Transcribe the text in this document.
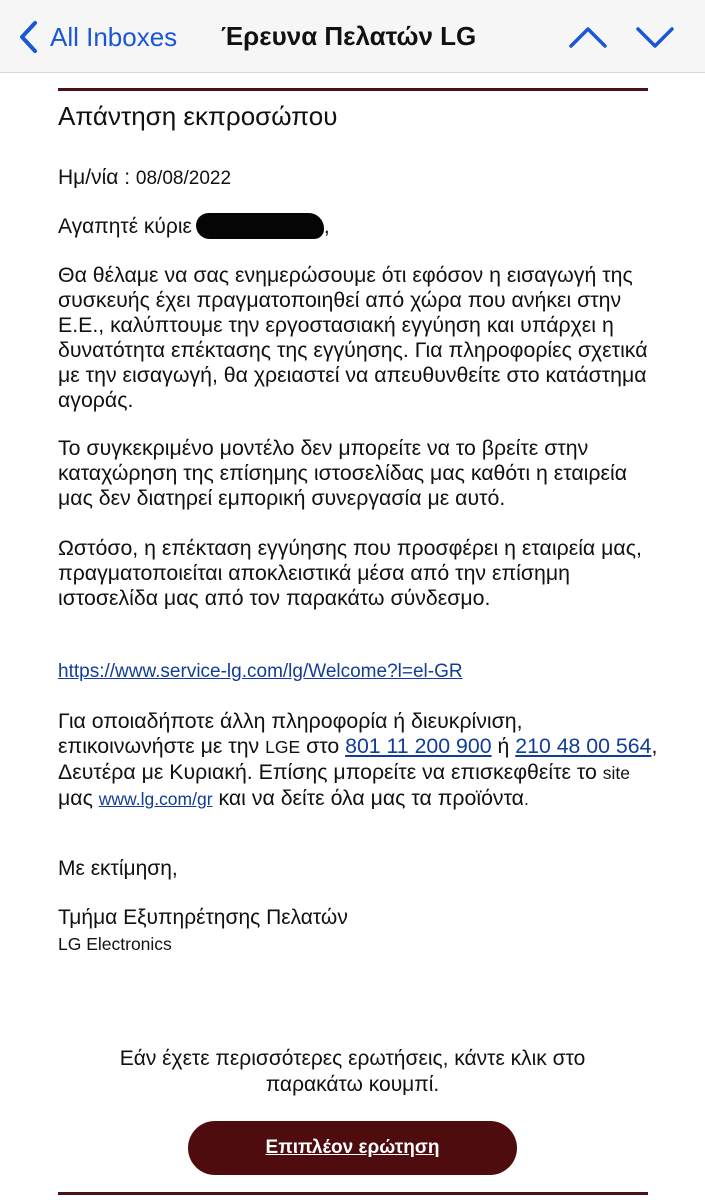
All Inboxes Έρευνα Πελατών LG
Απάντηση εκπροσώπου
Ημ/νία : 08/08/2022
Αγαπητέ κύριε	,
Θα θέλαμε να σας ενημερώσουμε ότι εφόσον η εισαγωγή της συσκευής έχει πραγματοποιηθεί από χώρα που ανήκει στην Ε.Ε., καλύπτουμε την εργοστασιακή εγγύηση και υπάρχει η δυνατότητα επέκτασης της εγγύησης. Για πληροφορίες σχετικά με την εισαγωγή, θα χρειαστεί να απευθυνθείτε στο κατάστημα αγοράς.
Το συγκεκριμένο μοντέλο δεν μπορείτε να το βρείτε στην καταχώρηση της επίσημης ιστοσελίδας μας καθότι η εταιρεία μας δεν διατηρεί εμπορική συνεργασία με αυτό.
Ωστόσο, η επέκταση εγγύησης που προσφέρει η εταιρεία μας, πραγματοποιείται αποκλειστικά μέσα από την επίσημη ιστοσελίδα μας από τον παρακάτω σύνδεσμο.
https://www.service-lg.com/lg/Welcome?l=el-GR
Για οποιαδήποτε άλλη πληροφορία ή διευκρίνιση, επικοινωνήστε με την LGE στο 801 11 200 900 ή 210 48 00 564, Δευτέρα με Κυριακή. Επίσης μπορείτε να επισκεφθείτε το site μας www.lg.com/gr και να δείτε όλα μας τα προϊόντα.
Με εκτίμηση,
Τμήμα Εξυπηρέτησης Πελατών
LG Electronics
Εάν έχετε περισσότερες ερωτήσεις, κάντε κλικ στο παρακάτω κουμπί.
Επιπλέον ερώτηση
